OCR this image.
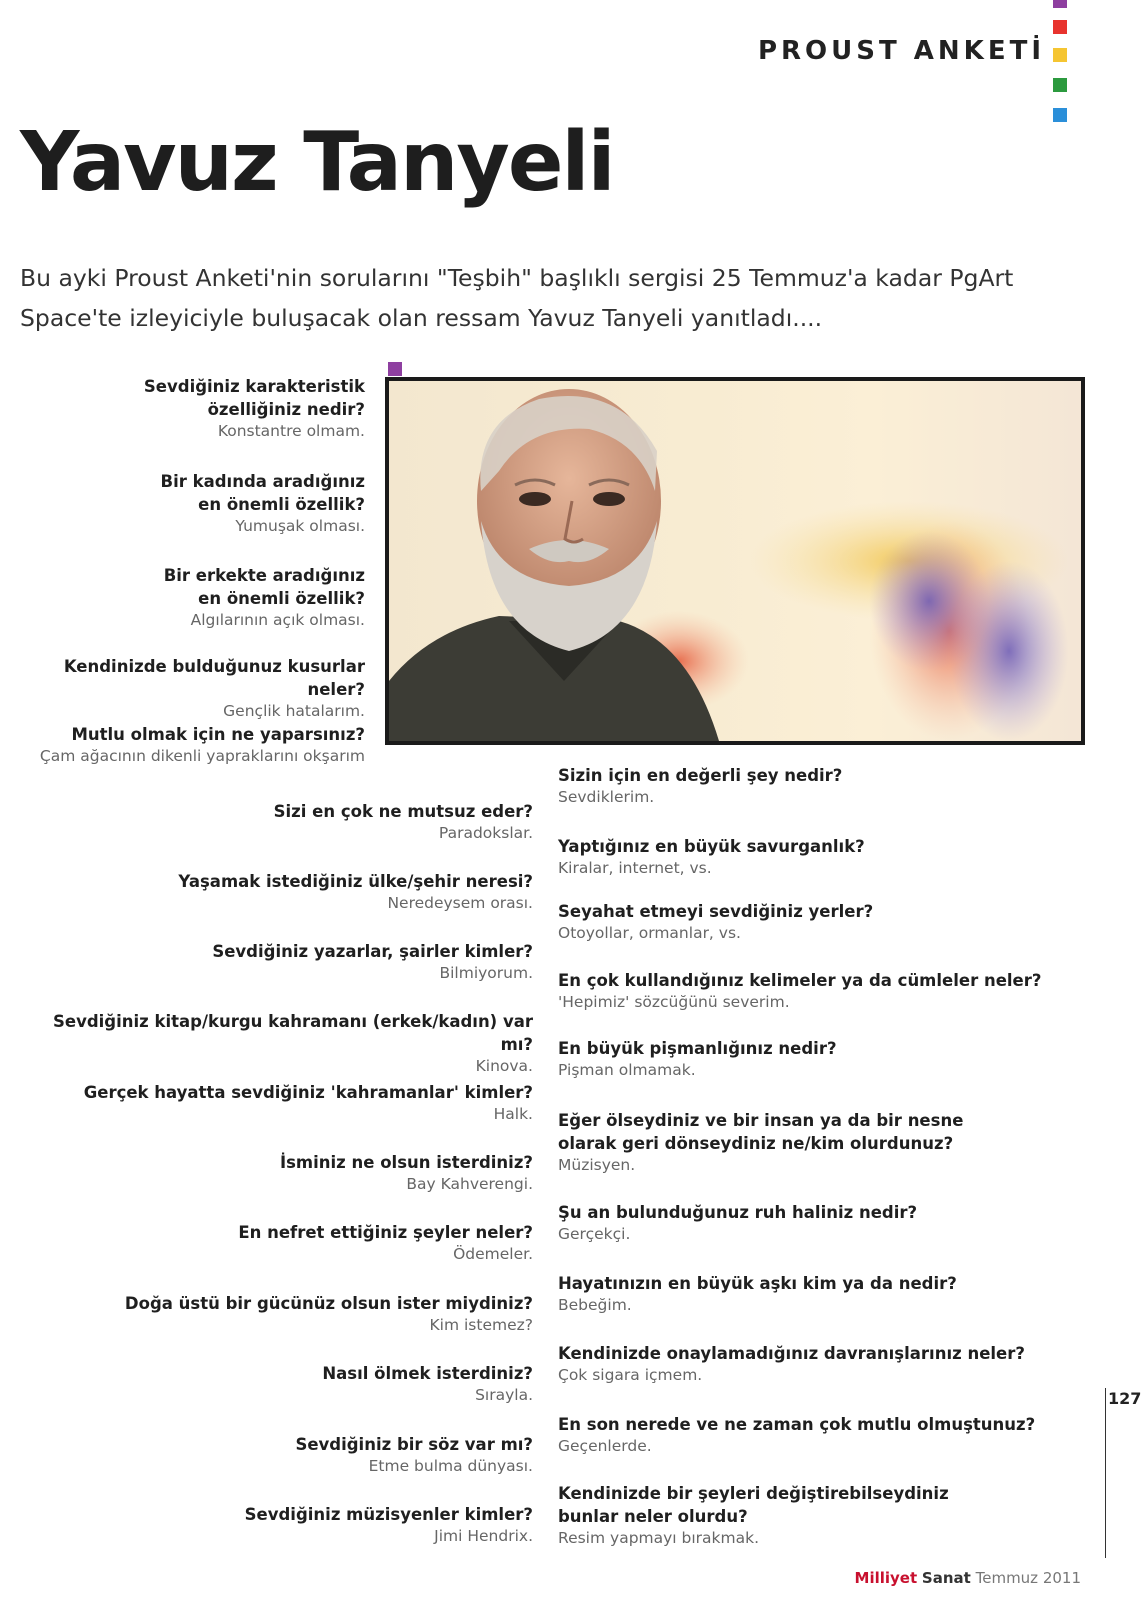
PROUST ANKETİ
Yavuz Tanyeli
Bu ayki Proust Anketi'nin sorularını "Teşbih" başlıklı sergisi 25 Temmuz'a kadar PgArt Space'te izleyiciyle buluşacak olan ressam Yavuz Tanyeli yanıtladı....
Sevdiğiniz karakteristik özelliğiniz nedir?
Konstantre olmam.
Bir kadında aradığınız en önemli özellik?
Yumuşak olması.
Bir erkekte aradığınız en önemli özellik?
Algılarının açık olması.
Kendinizde bulduğunuz kusurlar neler?
Gençlik hatalarım.
Mutlu olmak için ne yaparsınız?
Çam ağacının dikenli yapraklarını okşarım
Sizi en çok ne mutsuz eder?
Paradokslar.
Yaşamak istediğiniz ülke/şehir neresi?
Neredeysem orası.
Sevdiğiniz yazarlar, şairler kimler?
Bilmiyorum.
Sevdiğiniz kitap/kurgu kahramanı (erkek/kadın) var mı?
Kinova.
Gerçek hayatta sevdiğiniz 'kahramanlar' kimler?
Halk.
İsminiz ne olsun isterdiniz?
Bay Kahverengi.
En nefret ettiğiniz şeyler neler?
Ödemeler.
Doğa üstü bir gücünüz olsun ister miydiniz?
Kim istemez?
Nasıl ölmek isterdiniz?
Sırayla.
Sevdiğiniz bir söz var mı?
Etme bulma dünyası.
Sevdiğiniz müzisyenler kimler?
Jimi Hendrix.
Sizin için en değerli şey nedir?
Sevdiklerim.
Yaptığınız en büyük savurganlık?
Kiralar, internet, vs.
Seyahat etmeyi sevdiğiniz yerler?
Otoyollar, ormanlar, vs.
En çok kullandığınız kelimeler ya da cümleler neler?
'Hepimiz' sözcüğünü severim.
En büyük pişmanlığınız nedir?
Pişman olmamak.
Eğer ölseydiniz ve bir insan ya da bir nesne olarak geri dönseydiniz ne/kim olurdunuz?
Müzisyen.
Şu an bulunduğunuz ruh haliniz nedir?
Gerçekçi.
Hayatınızın en büyük aşkı kim ya da nedir?
Bebeğim.
Kendinizde onaylamadığınız davranışlarınız neler?
Çok sigara içmem.
En son nerede ve ne zaman çok mutlu olmuştunuz?
Geçenlerde.
Kendinizde bir şeyleri değiştirebilseydiniz bunlar neler olurdu?
Resim yapmayı bırakmak.
127
Milliyet Sanat Temmuz 2011
